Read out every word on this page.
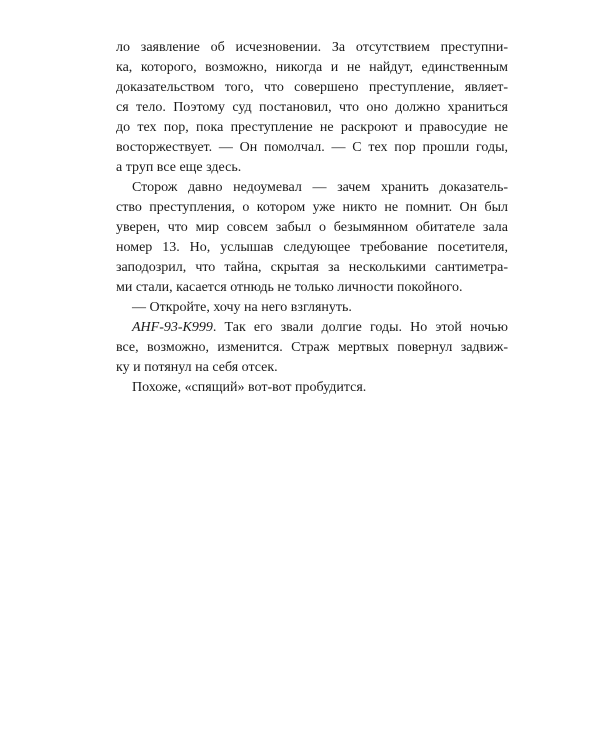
ло заявление об исчезновении. За отсутствием преступни-
ка, которого, возможно, никогда и не найдут, единственным
доказательством того, что совершено преступление, являет-
ся тело. Поэтому суд постановил, что оно должно храниться
до тех пор, пока преступление не раскроют и правосудие не
восторжествует. — Он помолчал. — С тех пор прошли годы,
а труп все еще здесь.
Сторож давно недоумевал — зачем хранить доказатель-
ство преступления, о котором уже никто не помнит. Он был
уверен, что мир совсем забыл о безымянном обитателе зала
номер 13. Но, услышав следующее требование посетителя,
заподозрил, что тайна, скрытая за несколькими сантиметра-
ми стали, касается отнюдь не только личности покойного.
— Откройте, хочу на него взглянуть.
AHF-93-K999. Так его звали долгие годы. Но этой ночью
все, возможно, изменится. Страж мертвых повернул задвиж-
ку и потянул на себя отсек.
Похоже, «спящий» вот-вот пробудится.
